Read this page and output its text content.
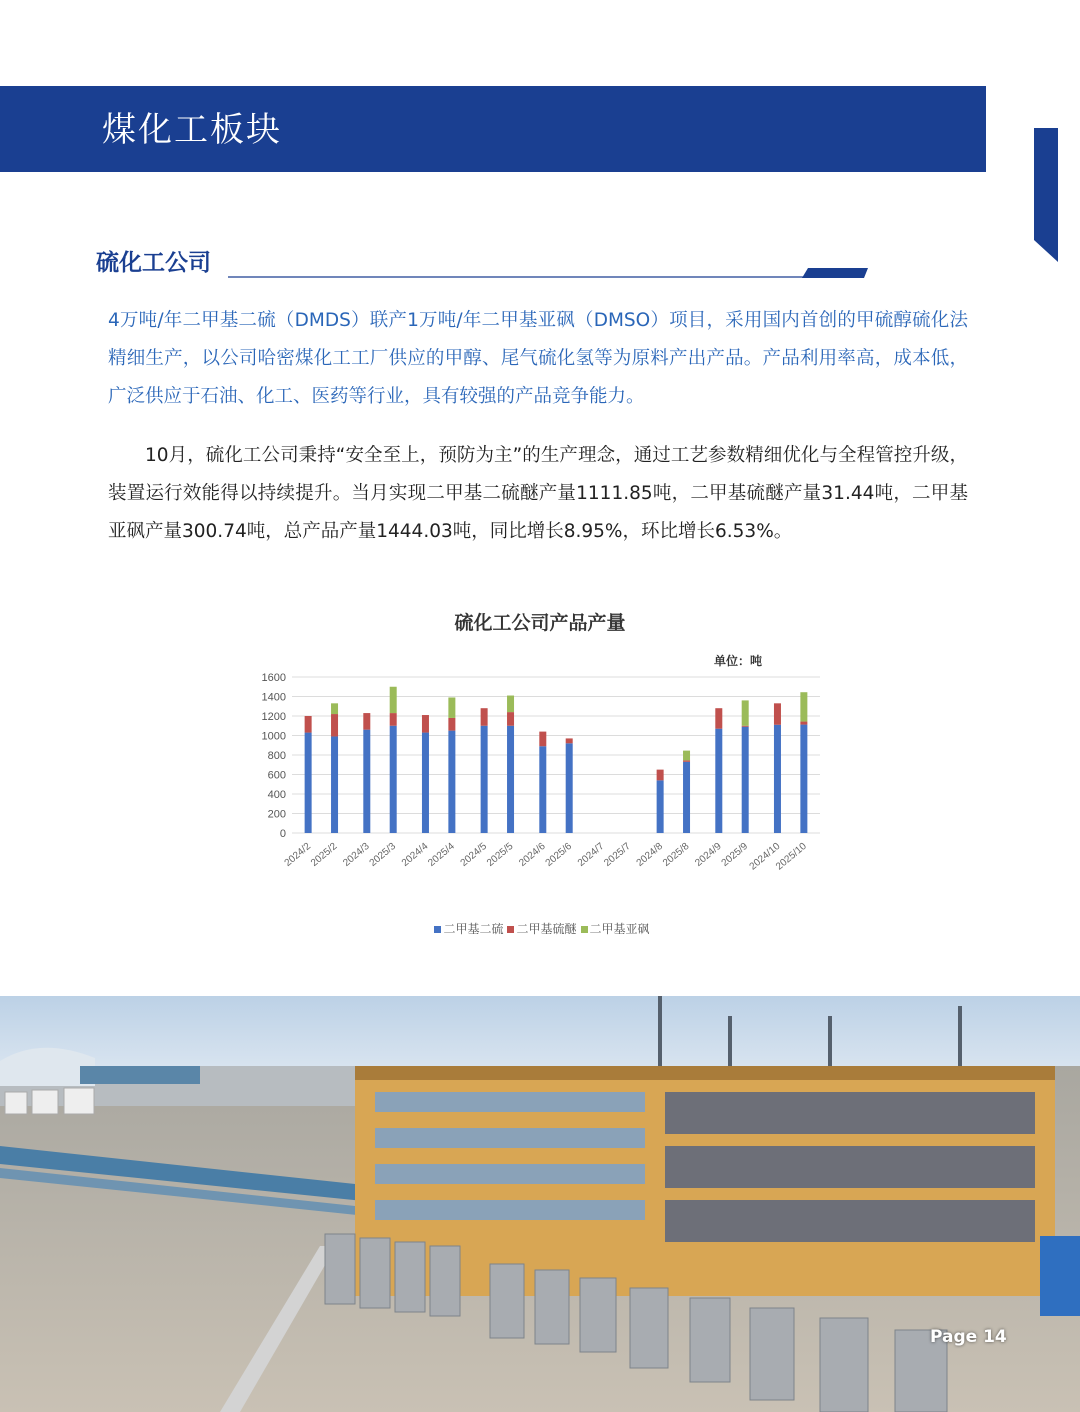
煤化工板块
硫化工公司

4万吨/年二甲基二硫（DMDS）联产1万吨/年二甲基亚砜（DMSO）项目，采用国内首创的甲硫醇硫化法精细生产，以公司哈密煤化工工厂供应的甲醇、尾气硫化氢等为原料产出产品。产品利用率高，成本低，广泛供应于石油、化工、医药等行业，具有较强的产品竞争能力。

10月，硫化工公司秉持“安全至上，预防为主”的生产理念，通过工艺参数精细优化与全程管控升级，装置运行效能得以持续提升。当月实现二甲基二硫醚产量1111.85吨，二甲基硫醚产量31.44吨，二甲基亚砜产量300.74吨，总产品产量1444.03吨，同比增长8.95%，环比增长6.53%。

硫化工公司产品产量
单位：吨
0
200
400
600
800
1000
1200
1400
1600
2024/2
2025/2 2024/3
2025/3 2024/4
2025/4 2024/5
2025/5 2024/6
2025/6 2024/7
2025/7 2024/8
2025/8 2024/9
2025/9
2024/10
2025/10
二甲基二硫 二甲基硫醚 二甲基亚砜
Page 14
